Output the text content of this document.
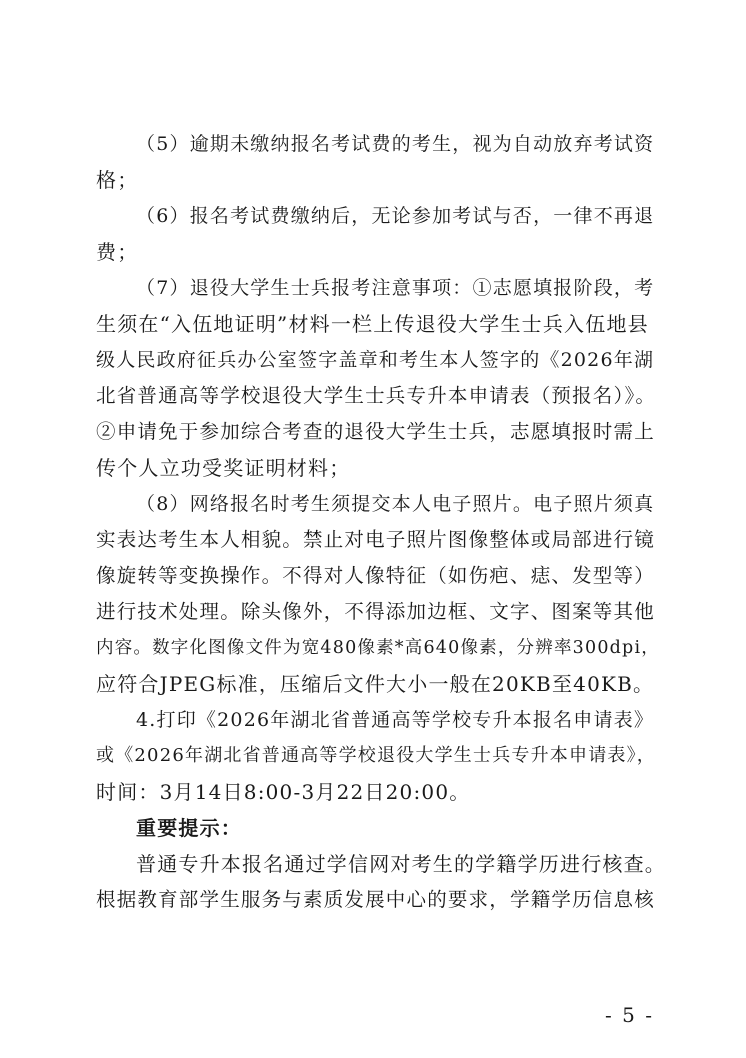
（5）逾期未缴纳报名考试费的考生，视为自动放弃考试资
格；
（6）报名考试费缴纳后，无论参加考试与否，一律不再退
费；
（7）退役大学生士兵报考注意事项：①志愿填报阶段，考
生须在“入伍地证明”材料一栏上传退役大学生士兵入伍地县
级人民政府征兵办公室签字盖章和考生本人签字的《2026年湖
北省普通高等学校退役大学生士兵专升本申请表（预报名）》。
②申请免于参加综合考查的退役大学生士兵，志愿填报时需上
传个人立功受奖证明材料；
（8）网络报名时考生须提交本人电子照片。电子照片须真
实表达考生本人相貌。禁止对电子照片图像整体或局部进行镜
像旋转等变换操作。不得对人像特征（如伤疤、痣、发型等）
进行技术处理。除头像外，不得添加边框、文字、图案等其他
内容。数字化图像文件为宽480像素*高640像素，分辨率300dpi，
应符合JPEG标准，压缩后文件大小一般在20KB至40KB。
4.打印《2026年湖北省普通高等学校专升本报名申请表》
或《2026年湖北省普通高等学校退役大学生士兵专升本申请表》，
时间：3月14日8:00-3月22日20:00。
重要提示：
普通专升本报名通过学信网对考生的学籍学历进行核查。
根据教育部学生服务与素质发展中心的要求，学籍学历信息核
- 5 -
